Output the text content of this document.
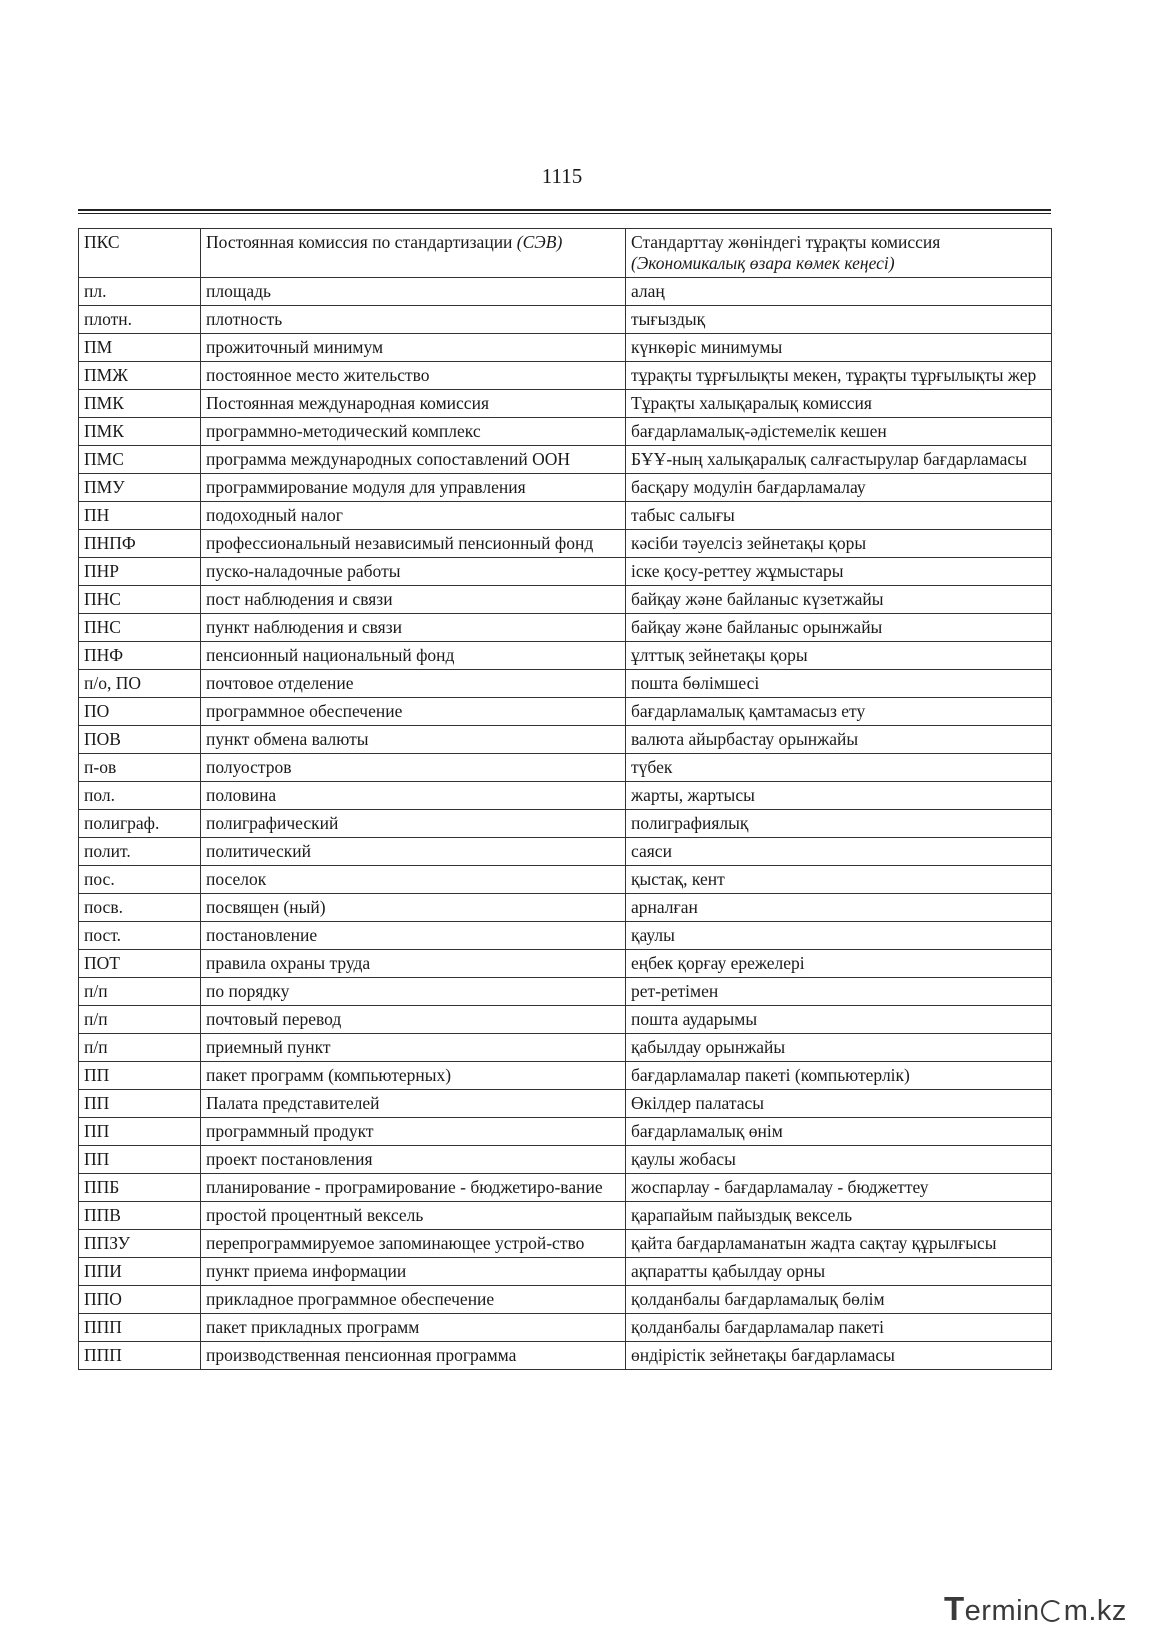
1115
ПКС	Постоянная комиссия по стандартизации (СЭВ)	Стандарттау жөніндегі тұрақты комиссия
(Экономикалық өзара көмек кеңесі)
пл.	площадь	алаң
плотн.	плотность	тығыздық
ПМ	прожиточный минимум	күнкөріс минимумы
ПМЖ	постоянное место жительство	тұрақты тұрғылықты мекен, тұрақты тұрғылықты жер
ПМК	Постоянная международная комиссия	Тұрақты халықаралық комиссия
ПМК	программно-методический комплекс	бағдарламалық-әдістемелік кешен
ПМС	программа международных сопоставлений ООН	БҰҰ-ның халықаралық салғастырулар бағдарламасы
ПМУ	программирование модуля для управления	басқару модулін бағдарламалау
ПН	подоходный налог	табыс салығы
ПНПФ	профессиональный независимый пенсионный фонд	кәсіби тәуелсіз зейнетақы қоры
ПНР	пуско-наладочные работы	іске қосу-реттеу жұмыстары
ПНС	пост наблюдения и связи	байқау және байланыс күзетжайы
ПНС	пункт наблюдения и связи	байқау және байланыс орынжайы
ПНФ	пенсионный национальный фонд	ұлттық зейнетақы қоры
п/о, ПО	почтовое отделение	пошта бөлімшесі
ПО	программное обеспечение	бағдарламалық қамтамасыз ету
ПОВ	пункт обмена валюты	валюта айырбастау орынжайы
п-ов	полуостров	түбек
пол.	половина	жарты, жартысы
полиграф.	полиграфический	полиграфиялық
полит.	политический	саяси
пос.	поселок	қыстақ, кент
посв.	посвящен (ный)	арналған
пост.	постановление	қаулы
ПОТ	правила охраны труда	еңбек қорғау ережелері
п/п	по порядку	рет-ретімен
п/п	почтовый перевод	пошта аударымы
п/п	приемный пункт	қабылдау орынжайы
ПП	пакет программ (компьютерных)	бағдарламалар пакеті (компьютерлік)
ПП	Палата представителей	Өкілдер палатасы
ПП	программный продукт	бағдарламалық өнім
ПП	проект постановления	қаулы жобасы
ППБ	планирование - програмирование - бюджетиро-вание	жоспарлау - бағдарламалау - бюджеттеу
ППВ	простой процентный вексель	қарапайым пайыздық вексель
ППЗУ	перепрограммируемое запоминающее устрой-ство	қайта бағдарламанатын жадта сақтау құрылғысы
ППИ	пункт приема информации	ақпаратты қабылдау орны
ППО	прикладное программное обеспечение	қолданбалы бағдарламалық бөлім
ППП	пакет прикладных программ	қолданбалы бағдарламалар пакеті
ППП	производственная пенсионная программа	өндірістік зейнетақы бағдарламасы
Termin m.kz
